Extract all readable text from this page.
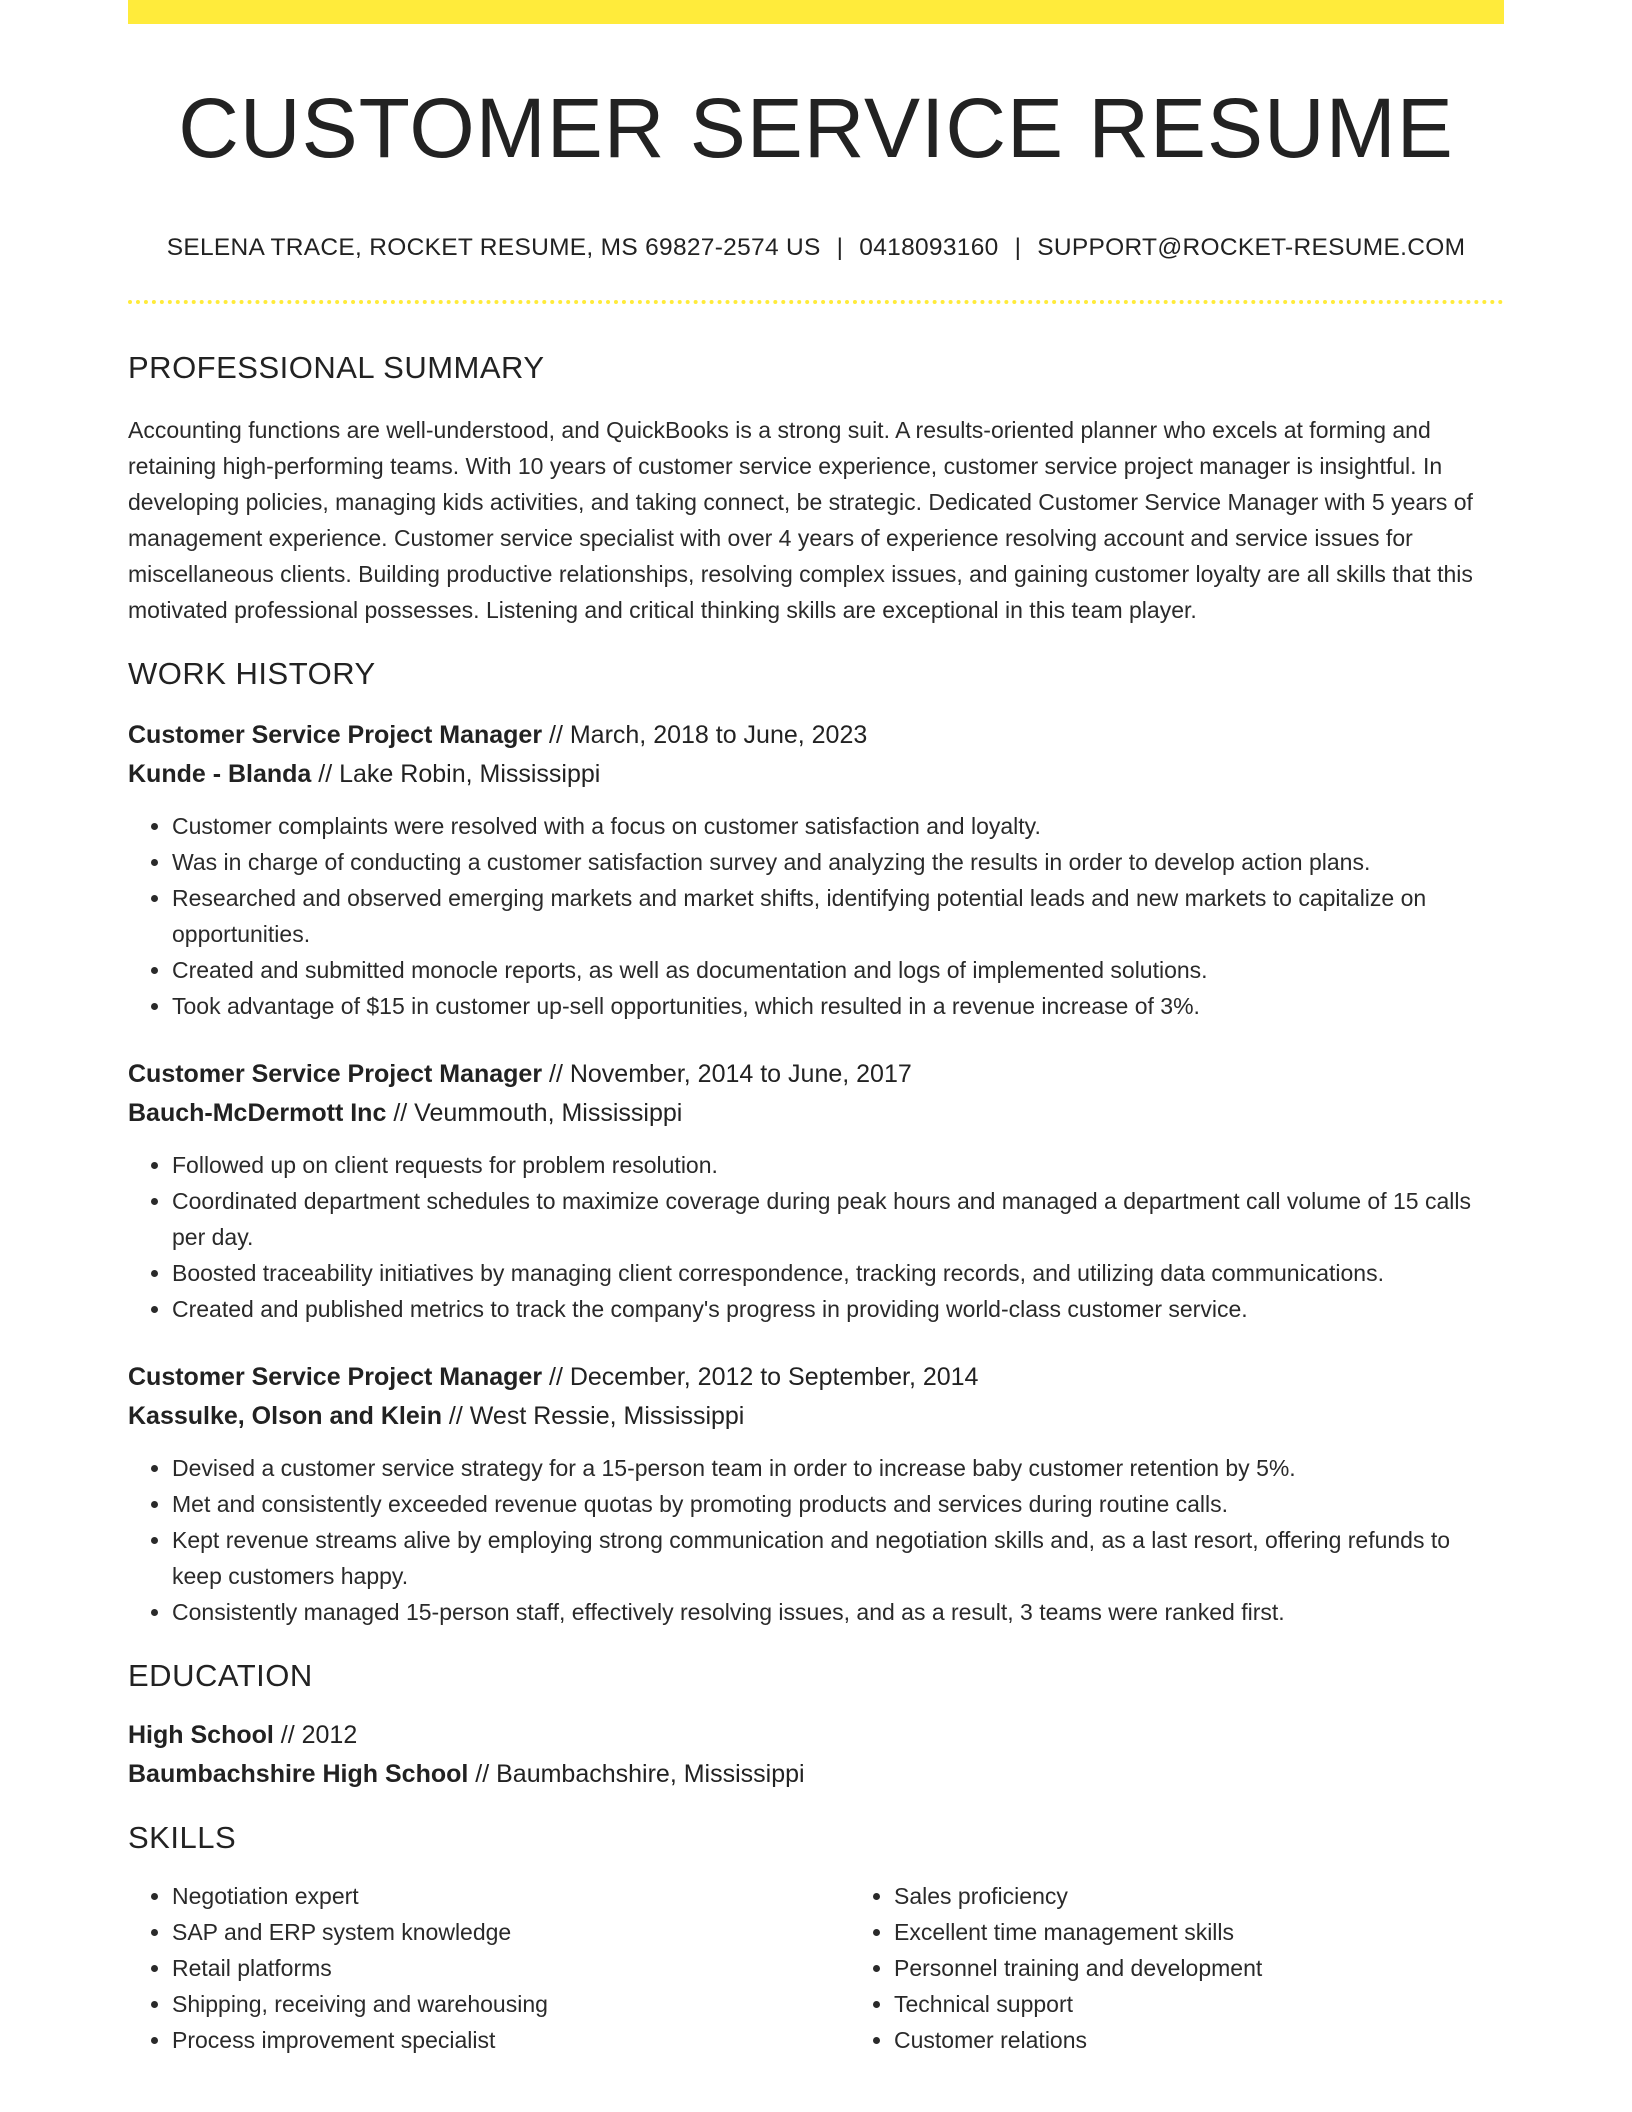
CUSTOMER SERVICE RESUME
SELENA TRACE, ROCKET RESUME, MS 69827-2574 US | 0418093160 | SUPPORT@ROCKET-RESUME.COM
PROFESSIONAL SUMMARY
Accounting functions are well-understood, and QuickBooks is a strong suit. A results-oriented planner who excels at forming and retaining high-performing teams. With 10 years of customer service experience, customer service project manager is insightful. In developing policies, managing kids activities, and taking connect, be strategic. Dedicated Customer Service Manager with 5 years of management experience. Customer service specialist with over 4 years of experience resolving account and service issues for miscellaneous clients. Building productive relationships, resolving complex issues, and gaining customer loyalty are all skills that this motivated professional possesses. Listening and critical thinking skills are exceptional in this team player.
WORK HISTORY
Customer Service Project Manager // March, 2018 to June, 2023
Kunde - Blanda // Lake Robin, Mississippi
• Customer complaints were resolved with a focus on customer satisfaction and loyalty.
• Was in charge of conducting a customer satisfaction survey and analyzing the results in order to develop action plans.
• Researched and observed emerging markets and market shifts, identifying potential leads and new markets to capitalize on opportunities.
• Created and submitted monocle reports, as well as documentation and logs of implemented solutions.
• Took advantage of $15 in customer up-sell opportunities, which resulted in a revenue increase of 3%.
Customer Service Project Manager // November, 2014 to June, 2017
Bauch-McDermott Inc // Veummouth, Mississippi
• Followed up on client requests for problem resolution.
• Coordinated department schedules to maximize coverage during peak hours and managed a department call volume of 15 calls per day.
• Boosted traceability initiatives by managing client correspondence, tracking records, and utilizing data communications.
• Created and published metrics to track the company's progress in providing world-class customer service.
Customer Service Project Manager // December, 2012 to September, 2014
Kassulke, Olson and Klein // West Ressie, Mississippi
• Devised a customer service strategy for a 15-person team in order to increase baby customer retention by 5%.
• Met and consistently exceeded revenue quotas by promoting products and services during routine calls.
• Kept revenue streams alive by employing strong communication and negotiation skills and, as a last resort, offering refunds to keep customers happy.
• Consistently managed 15-person staff, effectively resolving issues, and as a result, 3 teams were ranked first.
EDUCATION
High School // 2012
Baumbachshire High School // Baumbachshire, Mississippi
SKILLS
• Negotiation expert
• SAP and ERP system knowledge
• Retail platforms
• Shipping, receiving and warehousing
• Process improvement specialist
• Sales proficiency
• Excellent time management skills
• Personnel training and development
• Technical support
• Customer relations
